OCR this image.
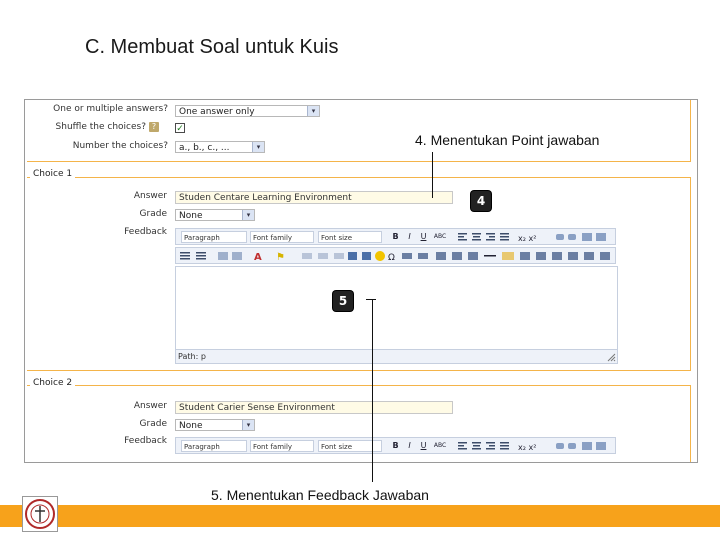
C. Membuat Soal untuk Kuis
One or multiple answers?	One answer only	▾
Shuffle the choices? ?	✓
Number the choices?	a., b., c., ...	▾
Choice 1
Answer	Studen Centare Learning Environment
Grade	None	▾
Feedback
Paragraph	Font family	Font size	B	I	U	ABC	x₂ x²
A ⚑	Ω
Path: p
Choice 2
Answer	Student Carier Sense Environment
Grade	None	▾
Feedback
Paragraph	Font family	Font size	B	I	U	ABC	x₂ x²
4. Menentukan Point jawaban
4
5
5. Menentukan Feedback Jawaban
